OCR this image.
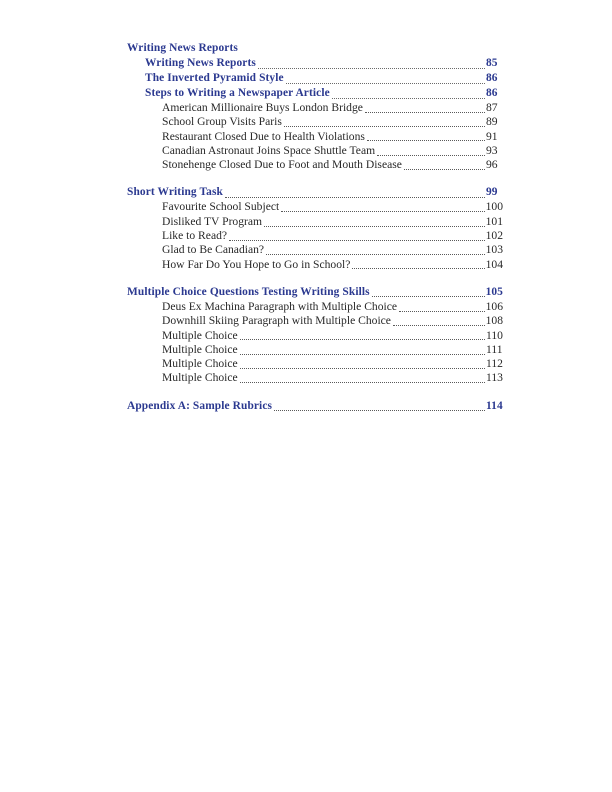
Writing News Reports
Writing News Reports	85
The Inverted Pyramid Style	86
Steps to Writing a Newspaper Article	86
American Millionaire Buys London Bridge	87
School Group Visits Paris	89
Restaurant Closed Due to Health Violations	91
Canadian Astronaut Joins Space Shuttle Team	93
Stonehenge Closed Due to Foot and Mouth Disease	96
Short Writing Task	99
Favourite School Subject	100
Disliked TV Program	101
Like to Read?	102
Glad to Be Canadian?	103
How Far Do You Hope to Go in School?	104
Multiple Choice Questions Testing Writing Skills	105
Deus Ex Machina Paragraph with Multiple Choice	106
Downhill Skiing Paragraph with Multiple Choice	108
Multiple Choice	110
Multiple Choice	111
Multiple Choice	112
Multiple Choice	113
Appendix A: Sample Rubrics	114
